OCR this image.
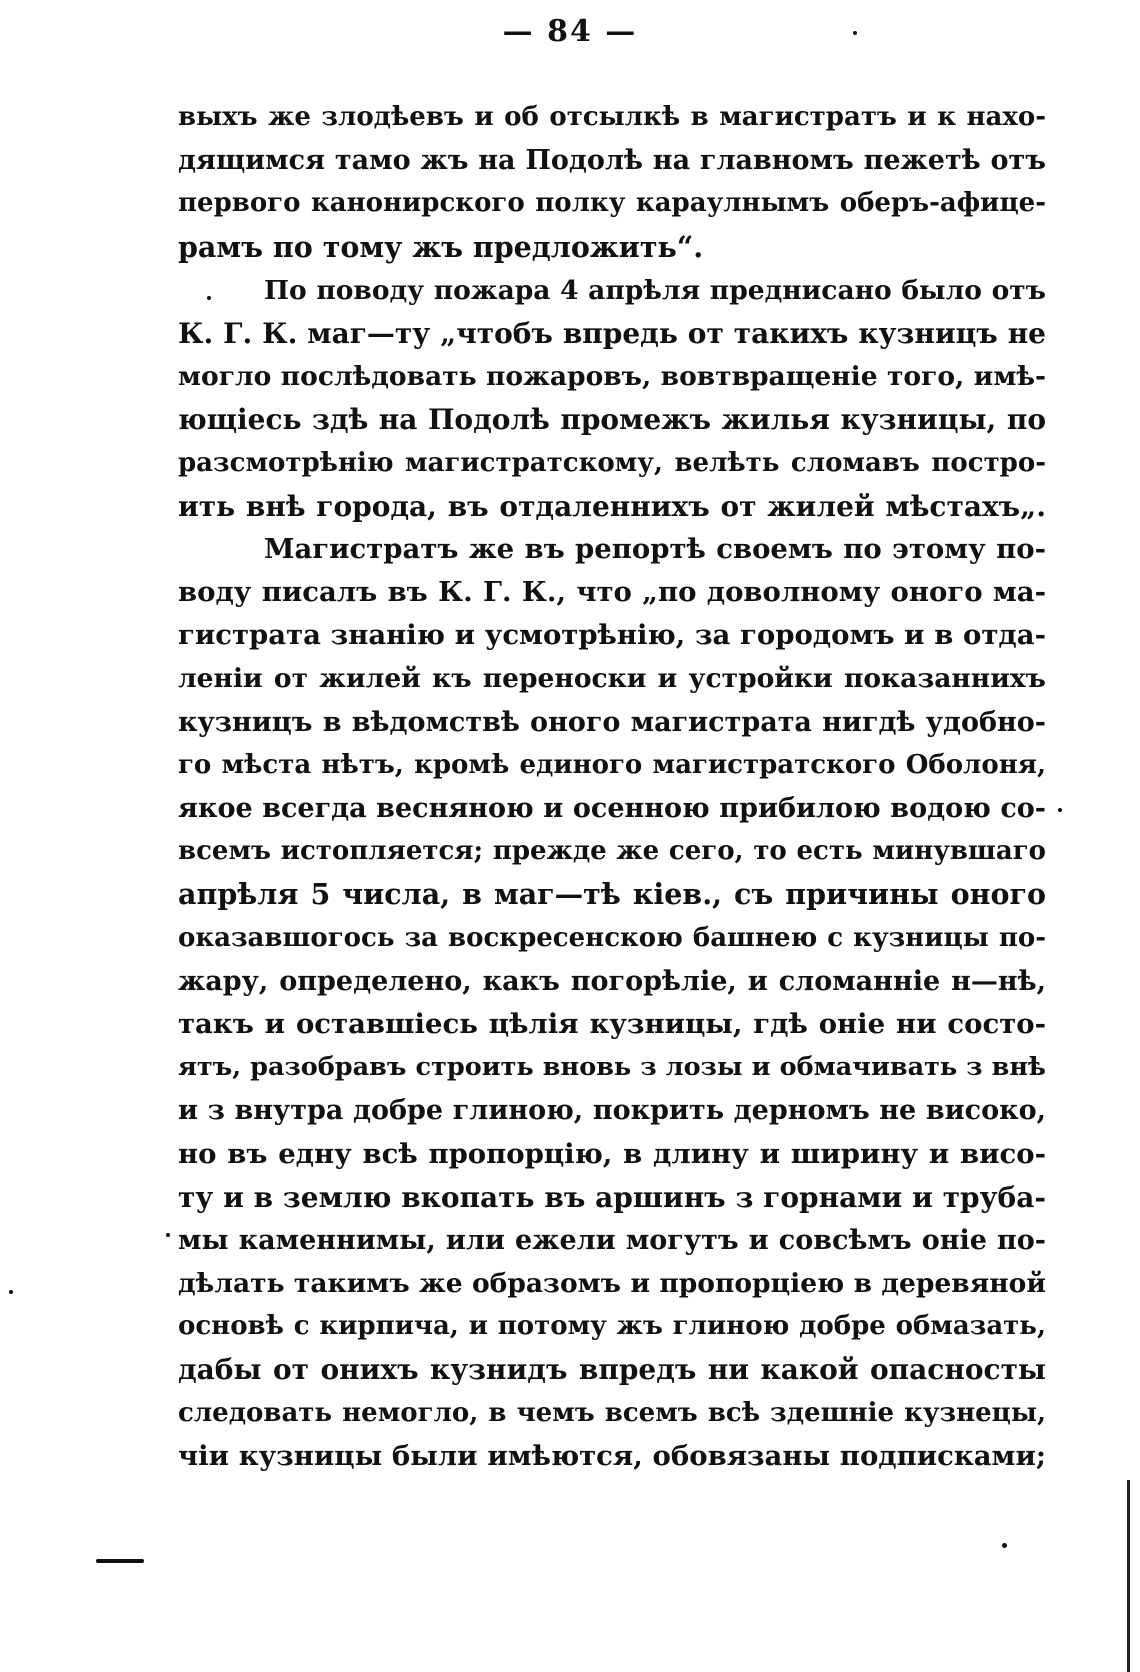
— 84 —
выхъ же злодѣевъ и об отсылкѣ в магистратъ и к нахо-
дящимся тамо жъ на Подолѣ на главномъ пежетѣ отъ
первого канонирского полку караулнымъ оберъ-афице-
рамъ по тому жъ предложить“.
По поводу пожара 4 апрѣля преднисано было отъ
К. Г. К. маг—ту „чтобъ впредь от такихъ кузницъ не
могло послѣдовать пожаровъ, вовтвращеніе того, имѣ-
ющіесь здѣ на Подолѣ промежъ жилья кузницы, по
разсмотрѣнію магистратскому, велѣть сломавъ постро-
ить внѣ города, въ отдаленнихъ от жилей мѣстахъ„.
Магистратъ же въ репортѣ своемъ по этому по-
воду писалъ въ К. Г. К., что „по доволному оного ма-
гистрата знанію и усмотрѣнію, за городомъ и в отда-
леніи от жилей къ переноски и устройки показаннихъ
кузницъ в вѣдомствѣ оного магистрата нигдѣ удобно-
го мѣста нѣтъ, кромѣ единого магистратского Оболоня,
якое всегда весняною и осенною прибилою водою со-
всемъ истопляется; прежде же сего, то есть минувшаго
апрѣля 5 числа, в маг—тѣ кіев., съ причины оного
оказавшогось за воскресенскою башнею с кузницы по-
жару, определено, какъ погорѣліе, и сломанніе н—нѣ,
такъ и оставшіесь цѣлія кузницы, гдѣ оніе ни состо-
ятъ, разобравъ строить вновь з лозы и обмачивать з внѣ
и з внутра добре глиною, покрить дерномъ не високо,
но въ едну всѣ пропорцію, в длину и ширину и висо-
ту и в землю вкопать въ аршинъ з горнами и труба-
мы каменнимы, или ежели могутъ и совсѣмъ оніе по-
дѣлать такимъ же образомъ и пропорціею в деревяной
основѣ с кирпича, и потому жъ глиною добре обмазать,
дабы от онихъ кузнидъ впредъ ни какой опасносты
следовать немогло, в чемъ всемъ всѣ здешніе кузнецы,
чіи кузницы были имѣются, обовязаны подписками;
